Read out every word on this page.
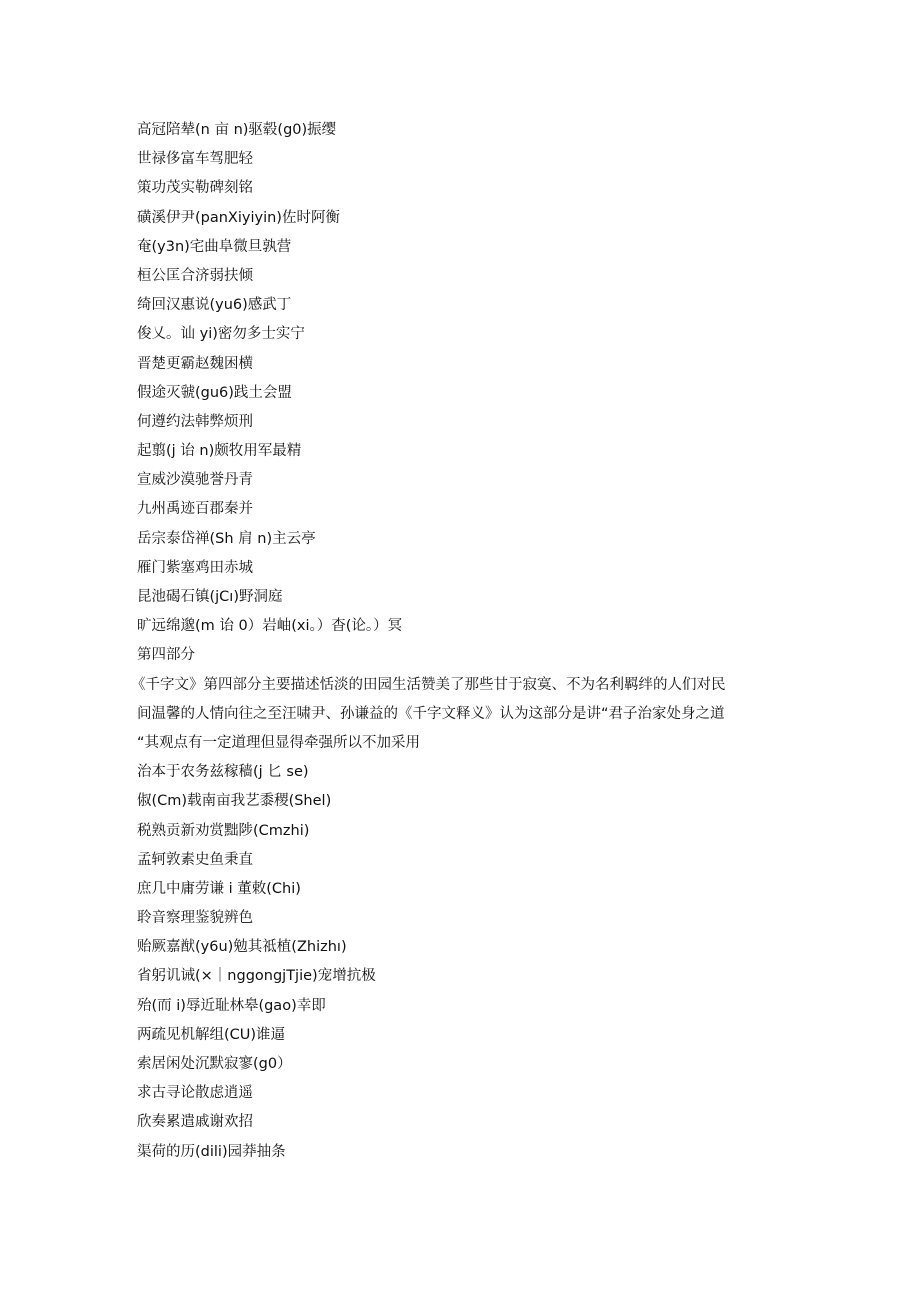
高冠陪辇(n 亩 n)驱毂(g0)振缨
世禄侈富车驾肥轻
策功茂实勒碑刻铭
磺溪伊尹(panXiyiyin)佐时阿衡
奄(y3n)宅曲阜微旦孰营
桓公匡合济弱扶倾
绮回汉惠说(yu6)感武丁
俊乂。讪 yi)密勿多士实宁
晋楚更霸赵魏困横
假途灭虢(gu6)践土会盟
何遵约法韩弊烦刑
起翦(j 诒 n)颇牧用军最精
宣威沙漠驰誉丹青
九州禹迹百郡秦并
岳宗泰岱禅(Sh 肩 n)主云亭
雁门紫塞鸡田赤城
昆池碣石镇(jCı)野洞庭
旷远绵邈(m 诒 0）岩岫(xi。）杳(论。）冥
第四部分
《千字文》第四部分主要描述恬淡的田园生活赞美了那些甘于寂寞、不为名利羁绊的人们对民
间温馨的人情向往之至汪啸尹、孙谦益的《千字文释义》认为这部分是讲“君子治家处身之道
“其观点有一定道理但显得牵强所以不加采用
治本于农务兹稼穑(j 匕 se)
俶(Cm)载南亩我艺黍稷(Shel)
税熟贡新劝赏黜陟(Cmzhi)
孟轲敦素史鱼秉直
庶几中庸劳谦 i 董敕(Chi)
聆音察理鉴貌辨色
贻厥嘉猷(y6u)勉其祗植(Zhizhı)
省躬讥诫(×｜nggongjTjie)宠增抗极
殆(而 i)辱近耻林皋(gao)幸即
两疏见机解组(CU)谁逼
索居闲处沉默寂寥(g0）
求古寻论散虑逍遥
欣奏累遣戚谢欢招
渠荷的历(dili)园莽抽条
